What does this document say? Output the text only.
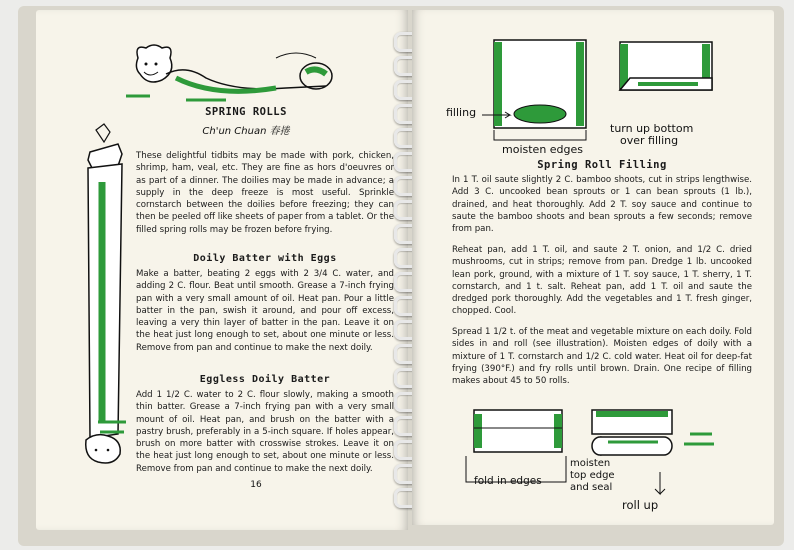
SPRING ROLLS
Ch'un Chuan 春捲
These delightful tidbits may be made with pork, chicken, shrimp, ham, veal, etc. They are fine as hors d'oeuvres or as part of a dinner. The doilies may be made in advance; a supply in the deep freeze is most useful. Sprinkle cornstarch between the doilies before freezing; they can then be peeled off like sheets of paper from a tablet. Or the filled spring rolls may be frozen before frying.
Doily Batter with Eggs
Make a batter, beating 2 eggs with 2 3/4 C. water, and adding 2 C. flour. Beat until smooth. Grease a 7-inch frying pan with a very small amount of oil. Heat pan. Pour a little batter in the pan, swish it around, and pour off excess, leaving a very thin layer of batter in the pan. Leave it on the heat just long enough to set, about one minute or less. Remove from pan and continue to make the next doily.
Eggless Doily Batter
Add 1 1/2 C. water to 2 C. flour slowly, making a smooth thin batter. Grease a 7-inch frying pan with a very small mount of oil. Heat pan, and brush on the batter with a pastry brush, preferably in a 5-inch square. If holes appear, brush on more batter with crosswise strokes. Leave it on the heat just long enough to set, about one minute or less. Remove from pan and continue to make the next doily.
16
filling
moisten edges
turn up bottom
over filling
Spring Roll Filling
In 1 T. oil saute slightly 2 C. bamboo shoots, cut in strips lengthwise. Add 3 C. uncooked bean sprouts or 1 can bean sprouts (1 lb.), drained, and heat thoroughly. Add 2 T. soy sauce and continue to saute the bamboo shoots and bean sprouts a few seconds; remove from pan.
Reheat pan, add 1 T. oil, and saute 2 T. onion, and 1/2 C. dried mushrooms, cut in strips; remove from pan. Dredge 1 lb. uncooked lean pork, ground, with a mixture of 1 T. soy sauce, 1 T. sherry, 1 T. cornstarch, and 1 t. salt. Reheat pan, add 1 T. oil and saute the dredged pork thoroughly. Add the vegetables and 1 T. fresh ginger, chopped. Cool.
Spread 1 1/2 t. of the meat and vegetable mixture on each doily. Fold sides in and roll (see illustration). Moisten edges of doily with a mixture of 1 T. cornstarch and 1/2 C. cold water. Heat oil for deep-fat frying (390°F.) and fry rolls until brown. Drain. One recipe of filling makes about 45 to 50 rolls.
fold in edges
moisten
top edge
and seal
roll up
